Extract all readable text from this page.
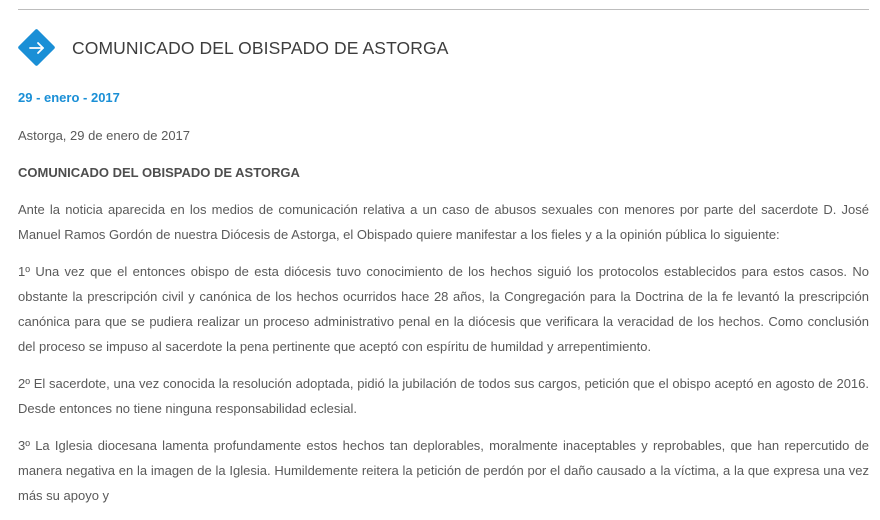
COMUNICADO DEL OBISPADO DE ASTORGA
29 - enero - 2017

Astorga, 29 de enero de 2017

COMUNICADO DEL OBISPADO DE ASTORGA

Ante la noticia aparecida en los medios de comunicación relativa a un caso de abusos sexuales con menores por parte del sacerdote D. José Manuel Ramos Gordón de nuestra Diócesis de Astorga, el Obispado quiere manifestar a los fieles y a la opinión pública lo siguiente:

1º Una vez que el entonces obispo de esta diócesis tuvo conocimiento de los hechos siguió los protocolos establecidos para estos casos. No obstante la prescripción civil y canónica de los hechos ocurridos hace 28 años, la Congregación para la Doctrina de la fe levantó la prescripción canónica para que se pudiera realizar un proceso administrativo penal en la diócesis que verificara la veracidad de los hechos. Como conclusión del proceso se impuso al sacerdote la pena pertinente que aceptó con espíritu de humildad y arrepentimiento.

2º El sacerdote, una vez conocida la resolución adoptada, pidió la jubilación de todos sus cargos, petición que el obispo aceptó en agosto de 2016. Desde entonces no tiene ninguna responsabilidad eclesial.

3º La Iglesia diocesana lamenta profundamente estos hechos tan deplorables, moralmente inaceptables y reprobables, que han repercutido de manera negativa en la imagen de la Iglesia. Humildemente reitera la petición de perdón por el daño causado a la víctima, a la que expresa una vez más su apoyo y
